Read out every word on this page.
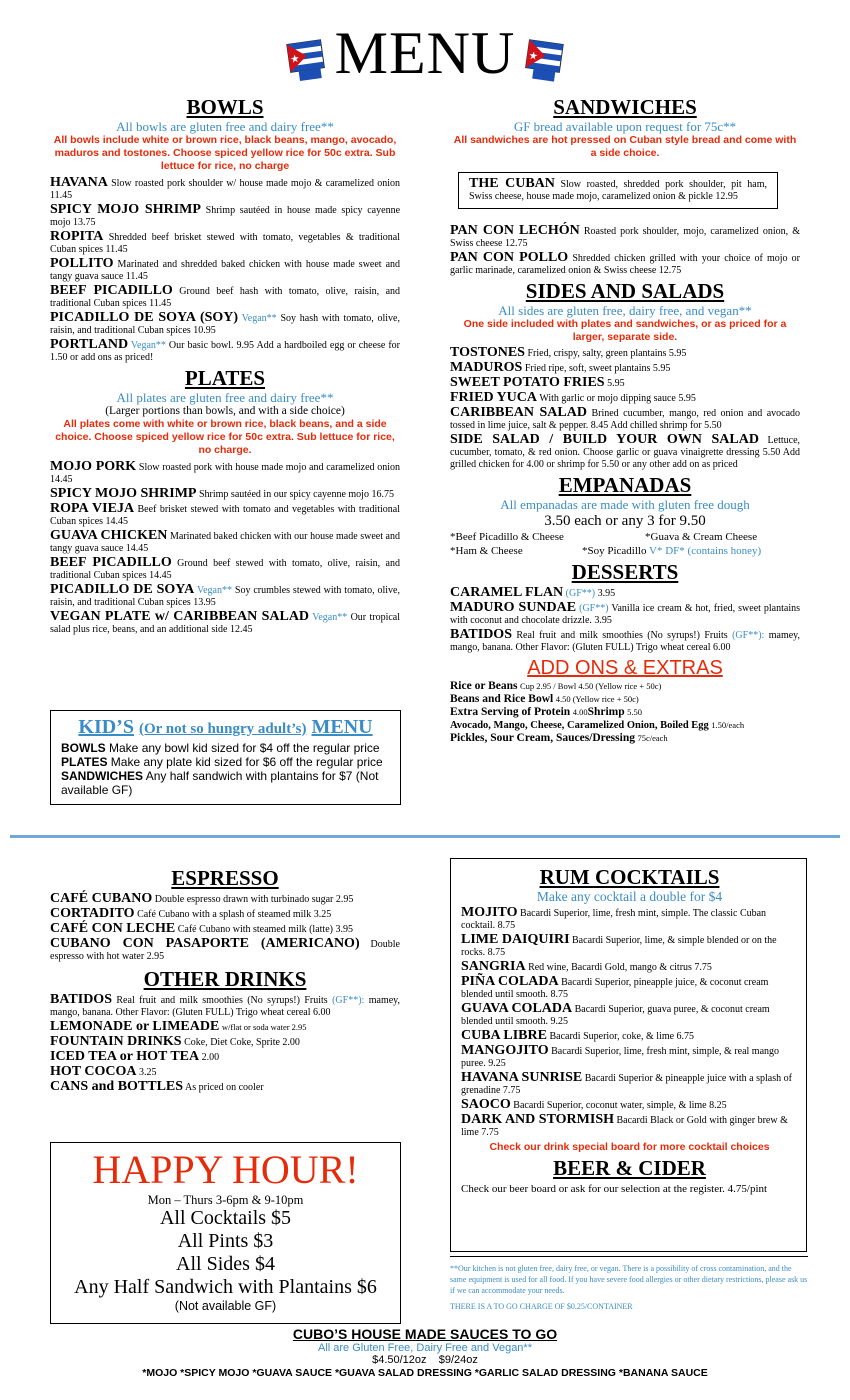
MENU
BOWLS
All bowls are gluten free and dairy free**
All bowls include white or brown rice, black beans, mango, avocado, maduros and tostones. Choose spiced yellow rice for 50c extra. Sub lettuce for rice, no charge
HAVANA Slow roasted pork shoulder w/ house made mojo & caramelized onion 11.45
SPICY MOJO SHRIMP Shrimp sautéed in house made spicy cayenne mojo 13.75
ROPITA Shredded beef brisket stewed with tomato, vegetables & traditional Cuban spices 11.45
POLLITO Marinated and shredded baked chicken with house made sweet and tangy guava sauce 11.45
BEEF PICADILLO Ground beef hash with tomato, olive, raisin, and traditional Cuban spices 11.45
PICADILLO DE SOYA (SOY) Vegan** Soy hash with tomato, olive, raisin, and traditional Cuban spices 10.95
PORTLAND Vegan** Our basic bowl. 9.95 Add a hardboiled egg or cheese for 1.50 or add ons as priced!
PLATES
All plates are gluten free and dairy free**
(Larger portions than bowls, and with a side choice)
All plates come with white or brown rice, black beans, and a side choice. Choose spiced yellow rice for 50c extra. Sub lettuce for rice, no charge.
MOJO PORK Slow roasted pork with house made mojo and caramelized onion 14.45
SPICY MOJO SHRIMP Shrimp sautéed in our spicy cayenne mojo 16.75
ROPA VIEJA Beef brisket stewed with tomato and vegetables with traditional Cuban spices 14.45
GUAVA CHICKEN Marinated baked chicken with our house made sweet and tangy guava sauce 14.45
BEEF PICADILLO Ground beef stewed with tomato, olive, raisin, and traditional Cuban spices 14.45
PICADILLO DE SOYA Vegan** Soy crumbles stewed with tomato, olive, raisin, and traditional Cuban spices 13.95
VEGAN PLATE w/ CARIBBEAN SALAD Vegan** Our tropical salad plus rice, beans, and an additional side 12.45
KID’S (Or not so hungry adult’s) MENU
BOWLS Make any bowl kid sized for $4 off the regular price
PLATES Make any plate kid sized for $6 off the regular price
SANDWICHES Any half sandwich with plantains for $7 (Not available GF)
SANDWICHES
GF bread available upon request for 75c**
All sandwiches are hot pressed on Cuban style bread and come with a side choice.
THE CUBAN Slow roasted, shredded pork shoulder, pit ham, Swiss cheese, house made mojo, caramelized onion & pickle 12.95
PAN CON LECHÓN Roasted pork shoulder, mojo, caramelized onion, & Swiss cheese 12.75
PAN CON POLLO Shredded chicken grilled with your choice of mojo or garlic marinade, caramelized onion & Swiss cheese 12.75
SIDES AND SALADS
All sides are gluten free, dairy free, and vegan**
One side included with plates and sandwiches, or as priced for a larger, separate side.
TOSTONES Fried, crispy, salty, green plantains 5.95
MADUROS Fried ripe, soft, sweet plantains 5.95
SWEET POTATO FRIES 5.95
FRIED YUCA With garlic or mojo dipping sauce 5.95
CARIBBEAN SALAD Brined cucumber, mango, red onion and avocado tossed in lime juice, salt & pepper. 8.45 Add chilled shrimp for 5.50
SIDE SALAD / BUILD YOUR OWN SALAD Lettuce, cucumber, tomato, & red onion. Choose garlic or guava vinaigrette dressing 5.50 Add grilled chicken for 4.00 or shrimp for 5.50 or any other add on as priced
EMPANADAS
All empanadas are made with gluten free dough
3.50 each or any 3 for 9.50
*Beef Picadillo & Cheese	*Guava & Cream Cheese
*Ham & Cheese	*Soy Picadillo V* DF* (contains honey)
DESSERTS
CARAMEL FLAN (GF**) 3.95
MADURO SUNDAE (GF**) Vanilla ice cream & hot, fried, sweet plantains with coconut and chocolate drizzle. 3.95
BATIDOS Real fruit and milk smoothies (No syrups!) Fruits (GF**): mamey, mango, banana. Other Flavor: (Gluten FULL) Trigo wheat cereal 6.00
ADD ONS & EXTRAS
Rice or Beans Cup 2.95 / Bowl 4.50 (Yellow rice + 50c)
Beans and Rice Bowl 4.50 (Yellow rice + 50c)
Extra Serving of Protein 4.00Shrimp 5.50
Avocado, Mango, Cheese, Caramelized Onion, Boiled Egg 1.50/each
Pickles, Sour Cream, Sauces/Dressing 75c/each
ESPRESSO
CAFÉ CUBANO Double espresso drawn with turbinado sugar 2.95
CORTADITO Café Cubano with a splash of steamed milk 3.25
CAFÉ CON LECHE Café Cubano with steamed milk (latte) 3.95
CUBANO CON PASAPORTE (AMERICANO) Double espresso with hot water 2.95
OTHER DRINKS
BATIDOS Real fruit and milk smoothies (No syrups!) Fruits (GF**): mamey, mango, banana. Other Flavor: (Gluten FULL) Trigo wheat cereal 6.00
LEMONADE or LIMEADE w/flat or soda water 2.95
FOUNTAIN DRINKS Coke, Diet Coke, Sprite 2.00
ICED TEA or HOT TEA 2.00
HOT COCOA 3.25
CANS and BOTTLES As priced on cooler
HAPPY HOUR!
Mon – Thurs 3-6pm & 9-10pm
All Cocktails $5
All Pints $3
All Sides $4
Any Half Sandwich with Plantains $6
(Not available GF)
RUM COCKTAILS
Make any cocktail a double for $4
MOJITO Bacardi Superior, lime, fresh mint, simple. The classic Cuban cocktail. 8.75
LIME DAIQUIRI Bacardi Superior, lime, & simple blended or on the rocks. 8.75
SANGRIA Red wine, Bacardi Gold, mango & citrus 7.75
PIÑA COLADA Bacardi Superior, pineapple juice, & coconut cream blended until smooth. 8.75
GUAVA COLADA Bacardi Superior, guava puree, & coconut cream blended until smooth. 9.25
CUBA LIBRE Bacardi Superior, coke, & lime 6.75
MANGOJITO Bacardi Superior, lime, fresh mint, simple, & real mango puree. 9.25
HAVANA SUNRISE Bacardi Superior & pineapple juice with a splash of grenadine 7.75
SAOCO Bacardi Superior, coconut water, simple, & lime 8.25
DARK AND STORMISH Bacardi Black or Gold with ginger brew & lime 7.75
Check our drink special board for more cocktail choices
BEER & CIDER
Check our beer board or ask for our selection at the register. 4.75/pint
**Our kitchen is not gluten free, dairy free, or vegan. There is a possibility of cross contamination, and the same equipment is used for all food. If you have severe food allergies or other dietary restrictions, please ask us if we can accommodate your needs.
THERE IS A TO GO CHARGE OF $0.25/CONTAINER
CUBO’S HOUSE MADE SAUCES TO GO
All are Gluten Free, Dairy Free and Vegan**
$4.50/12oz    $9/24oz
*MOJO *SPICY MOJO *GUAVA SAUCE *GUAVA SALAD DRESSING *GARLIC SALAD DRESSING *BANANA SAUCE
